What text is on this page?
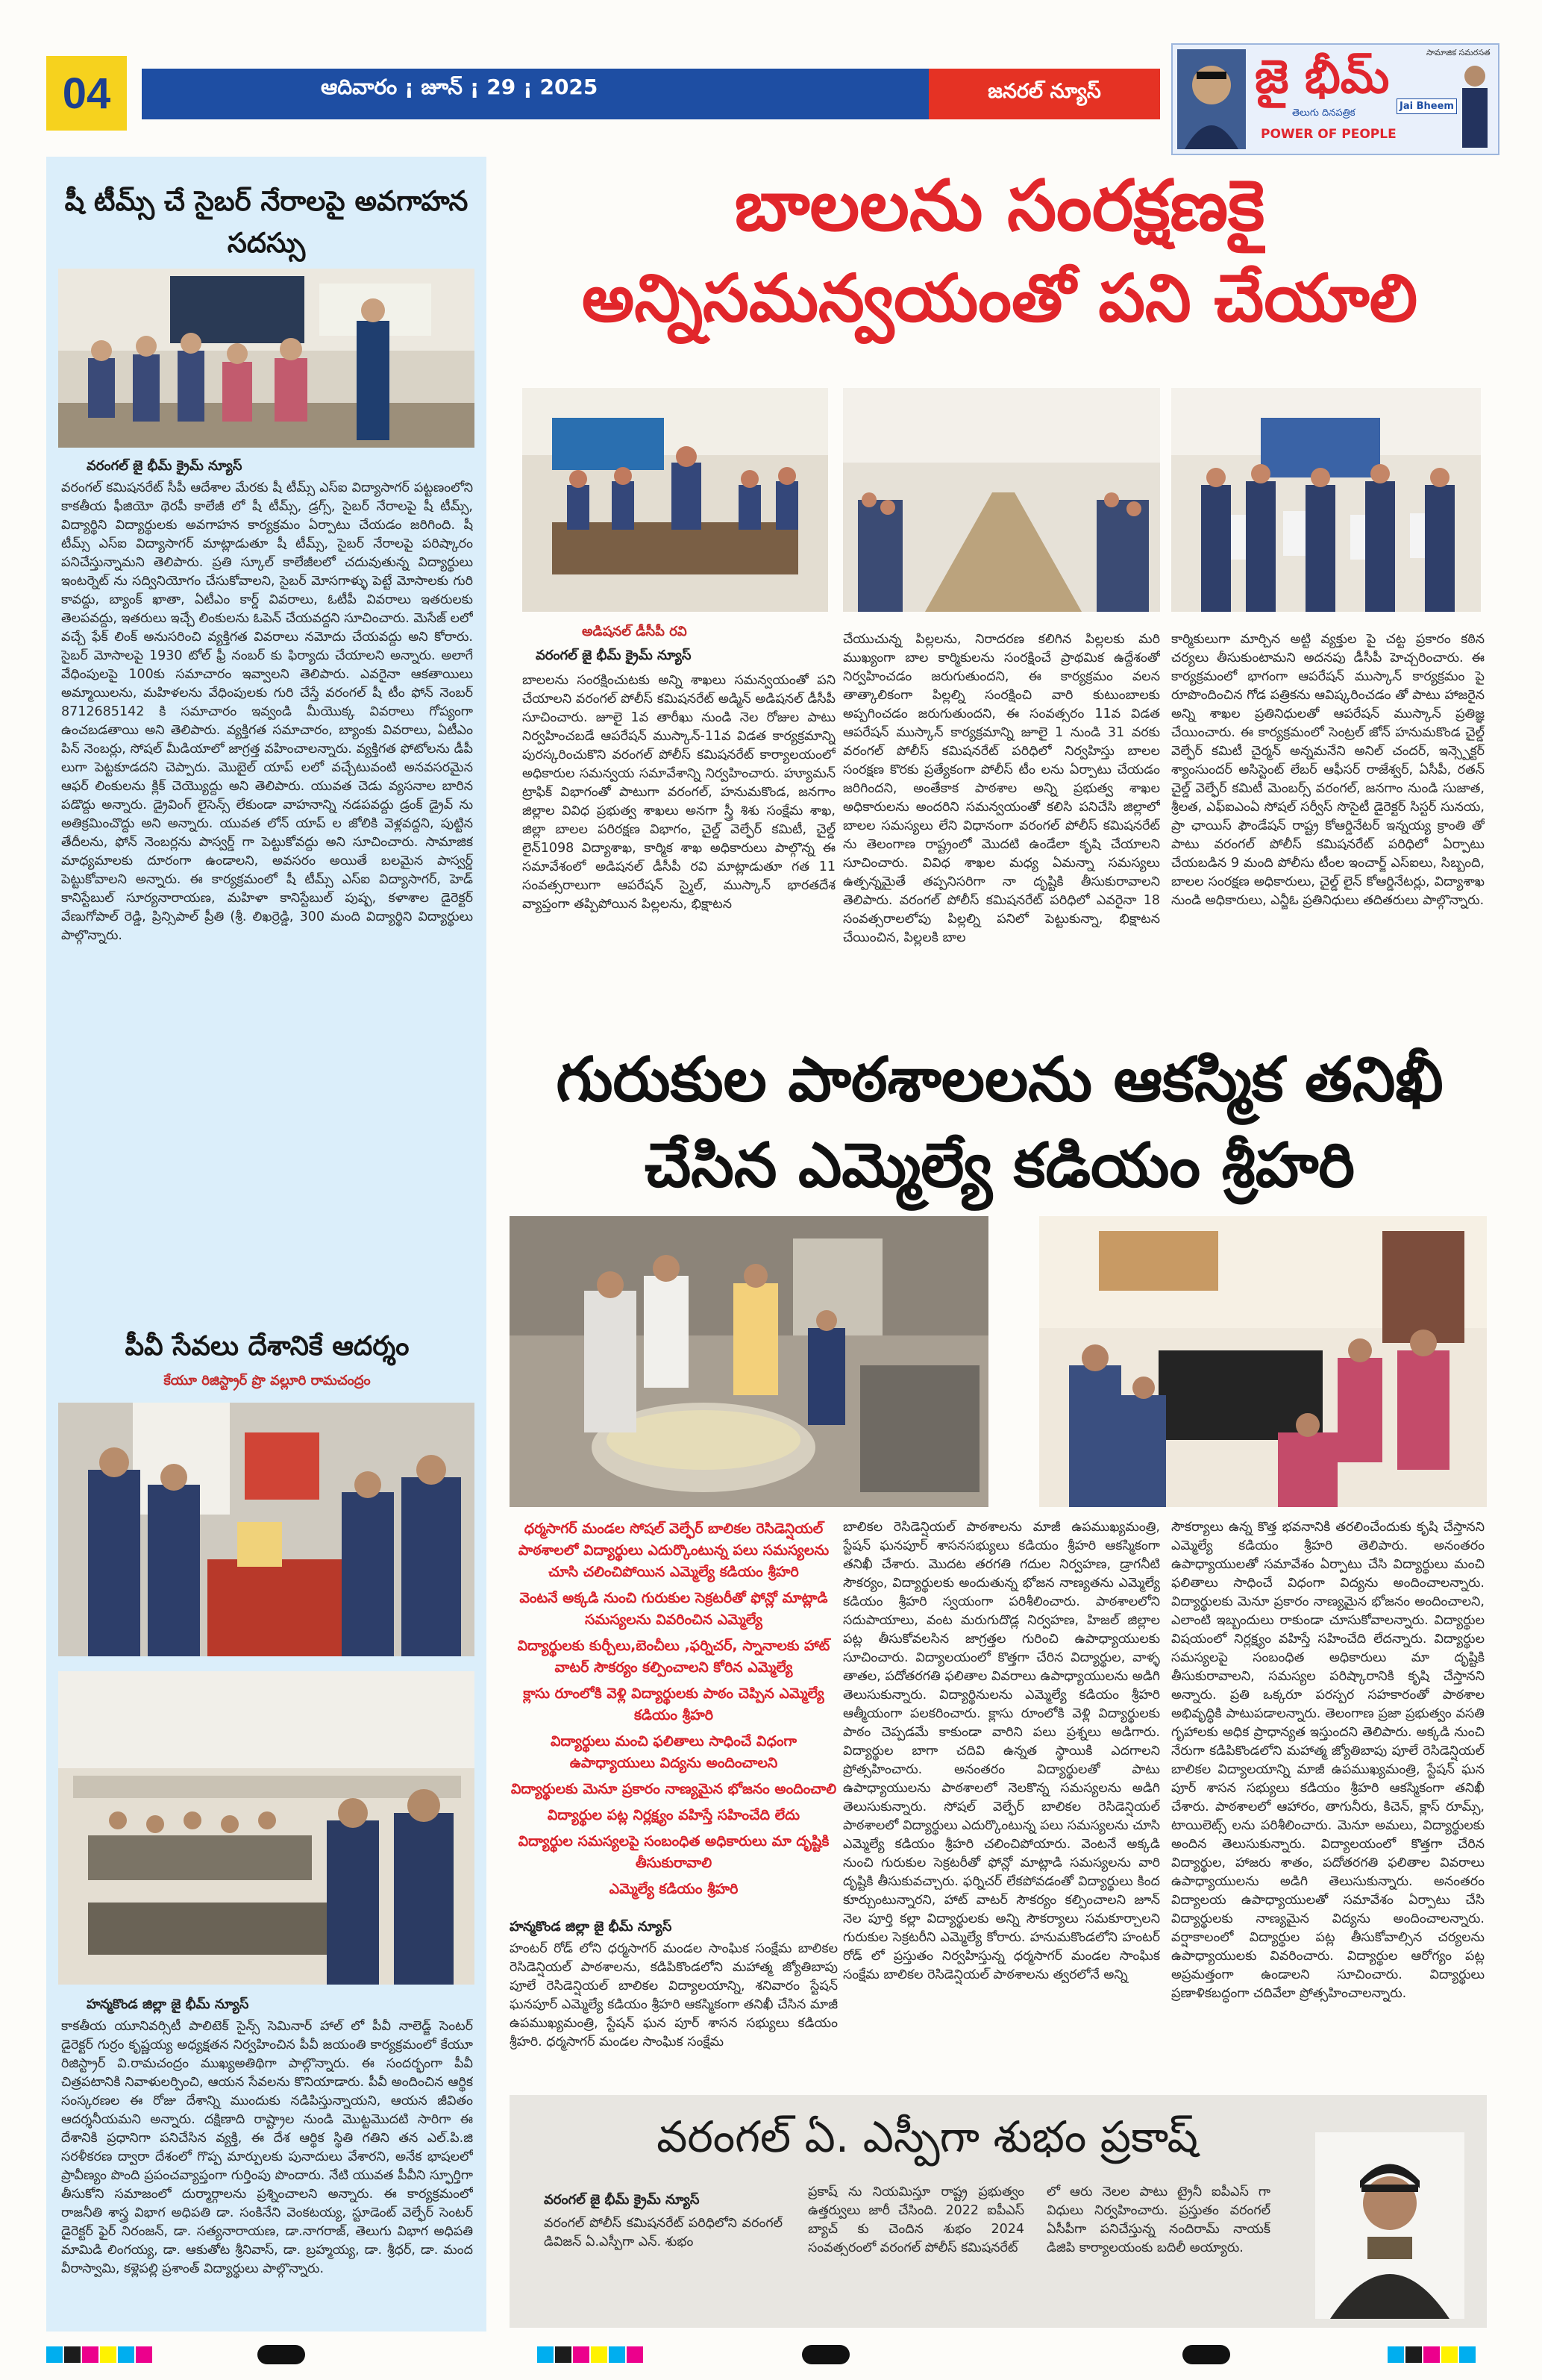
04	ఆదివారం ¡ జూన్ ¡ 29 ¡ 2025	జనరల్ న్యూస్	జై భీమ్
తెలుగు దినపత్రిక
POWER OF PEOPLE
సామాజిక సమరసత
Jai Bheem
షీ టీమ్స్ చే సైబర్ నేరాలపై అవగాహన సదస్సు
వరంగల్ జై భీమ్ క్రైమ్ న్యూస్
వరంగల్ కమిషనరేట్ సీపీ ఆదేశాల మేరకు షీ టీమ్స్ ఎస్ఐ విద్యాసాగర్ పట్టణంలోని కాకతీయ ఫీజియో థెరపీ కాలేజీ లో షీ టీమ్స్, డ్రగ్స్, సైబర్ నేరాలపై షీ టీమ్స్, విద్యార్థిని విద్యార్థులకు అవగాహన కార్యక్రమం ఏర్పాటు చేయడం జరిగింది. షీ టీమ్స్ ఎస్ఐ విద్యాసాగర్ మాట్లాడుతూ షీ టీమ్స్, సైబర్ నేరాలపై పరిష్కారం పనిచేస్తున్నామని తెలిపారు. ప్రతి స్కూల్ కాలేజీలలో చదువుతున్న విద్యార్థులు ఇంటర్నెట్ ను సద్వినియోగం చేసుకోవాలని, సైబర్ మోసగాళ్ళు పెట్టే మోసాలకు గురి కావద్దు, బ్యాంక్ ఖాతా, ఏటీఎం కార్డ్ వివరాలు, ఓటీపీ వివరాలు ఇతరులకు తెలపవద్దు, ఇతరులు ఇచ్చే లింకులను ఓపెన్ చేయవద్దని సూచించారు. మెసేజ్ లలో వచ్చే ఫేక్ లింక్ అనుసరించి వ్యక్తిగత వివరాలు నమోదు చేయవద్దు అని కోరారు. సైబర్ మోసాలపై 1930 టోల్ ఫ్రీ నంబర్ కు ఫిర్యాదు చేయాలని అన్నారు. అలాగే వేధింపులపై 100కు సమాచారం ఇవ్వాలని తెలిపారు. ఎవరైనా ఆకతాయిలు అమ్మాయిలను, మహిళలను వేధింపులకు గురి చేస్తే వరంగల్ షీ టీం ఫోన్ నెంబర్ 8712685142 కి సమాచారం ఇవ్వండి మీయొక్క వివరాలు గోప్యంగా ఉంచబడతాయి అని తెలిపారు. వ్యక్తిగత సమాచారం, బ్యాంకు వివరాలు, ఏటీఎం పిన్ నెంబర్లు, సోషల్ మీడియాలో జాగ్రత్త వహించాలన్నారు. వ్యక్తిగత ఫోటోలను డీపీ లుగా పెట్టకూడదని చెప్పారు. మొబైల్ యాప్ లలో వచ్చేటువంటి అనవసరమైన ఆఫర్ లింకులను క్లిక్ చెయ్యొద్దు అని తెలిపారు. యువత చెడు వ్యసనాల బారిన పడొద్దు అన్నారు. డ్రైవింగ్ లైసెన్స్ లేకుండా వాహనాన్ని నడపవద్దు డ్రంక్ డ్రైవ్ ను అతిక్రమించొద్దు అని అన్నారు. యువత లోన్ యాప్ ల జోలికి వెళ్లవద్దని, పుట్టిన తేదీలను, ఫోన్ నెంబర్లను పాస్వర్డ్ గా పెట్టుకోవద్దు అని సూచించారు. సామాజిక మాధ్యమాలకు దూరంగా ఉండాలని, అవసరం అయితే బలమైన పాస్వర్డ్ పెట్టుకోవాలని అన్నారు. ఈ కార్యక్రమంలో షీ టీమ్స్ ఎస్ఐ విద్యాసాగర్, హెడ్ కానిస్టేబుల్ సూర్యనారాయణ, మహిళా కానిస్టేబుల్ పుష్ప, కళాశాల డైరెక్టర్ వేణుగోపాల్ రెడ్డి, ప్రిన్సిపాల్ ప్రీతి (శ్రీ. లిఖర్రెడ్డి, 300 మంది విద్యార్థిని విద్యార్థులు పాల్గొన్నారు.
పీవీ సేవలు దేశానికే ఆదర్శం
కేయూ రిజిస్ట్రార్ ప్రొ వల్లూరి రామచంద్రం
హన్మకొండ జిల్లా జై భీమ్ న్యూస్
కాకతీయ యూనివర్సిటీ పాలిటెక్ సైన్స్ సెమినార్ హాల్ లో పీవీ నాలెడ్జ్ సెంటర్ డైరెక్టర్ గుర్రం కృష్ణయ్య అధ్యక్షతన నిర్వహించిన పీవీ జయంతి కార్యక్రమంలో కేయూ రిజిస్ట్రార్ వి.రామచంద్రం ముఖ్యఅతిథిగా పాల్గొన్నారు. ఈ సందర్భంగా పీవీ చిత్రపటానికి నివాళులర్పించి, ఆయన సేవలను కొనియాడారు. పీవీ అందించిన ఆర్థిక సంస్కరణల ఈ రోజు దేశాన్ని ముందుకు నడిపిస్తున్నాయని, ఆయన జీవితం ఆదర్శనీయమని అన్నారు. దక్షిణాది రాష్ట్రాల నుండి మొట్టమొదటి సారిగా ఈ దేశానికి ప్రధానిగా పనిచేసిన వ్యక్తి, ఈ దేశ ఆర్థిక స్థితి గతిని తన ఎల్.పి.జి సరళీకరణ ద్వారా దేశంలో గొప్ప మార్పులకు పునాదులు వేశారని, అనేక భాషలలో ప్రావీణ్యం పొంది ప్రపంచవ్యాప్తంగా గుర్తింపు పొందారు. నేటి యువత పీవీని స్ఫూర్తిగా తీసుకోని సమాజంలో దుర్మార్గాలను ప్రశ్నించాలని అన్నారు. ఈ కార్యక్రమంలో రాజనీతి శాస్త్ర విభాగ అధిపతి డా. సంకినేని వెంకటయ్య, స్టూడెంట్ వెల్ఫేర్ సెంటర్ డైరెక్టర్ ఫైర్ నిరంజన్, డా. సత్యనారాయణ, డా.నాగరాజ్, తెలుగు విభాగ అధిపతి మామిడి లింగయ్య, డా. ఆకుతోట శ్రీనివాస్, డా. బ్రహ్మయ్య, డా. శ్రీధర్, డా. మంద వీరాస్వామి, కళ్లెపల్లి ప్రశాంత్ విద్యార్థులు పాల్గొన్నారు.
బాలలను సంరక్షణకై
అన్నిసమన్వయంతో పని చేయాలి
అడిషనల్ డీసీపీ రవి
వరంగల్ జై భీమ్ క్రైమ్ న్యూస్
బాలలను సంరక్షించుటకు అన్ని శాఖలు సమన్వయంతో పని చేయాలని వరంగల్ పోలీస్ కమిషనరేట్ అడ్మిన్ అడిషనల్ డీసీపీ సూచించారు. జూలై 1వ తారీఖు నుండి నెల రోజుల పాటు నిర్వహించబడే ఆపరేషన్ ముస్కాన్-11వ విడత కార్యక్రమాన్ని పురస్కరించుకొని వరంగల్ పోలీస్ కమిషనరేట్ కార్యాలయంలో అధికారుల సమన్వయ సమావేశాన్ని నిర్వహించారు. హ్యూమన్ ట్రాఫిక్ విభాగంతో పాటుగా వరంగల్, హనుమకొండ, జనగాం జిల్లాల వివిధ ప్రభుత్వ శాఖలు అనగా స్త్రీ శిశు సంక్షేమ శాఖ, జిల్లా బాలల పరిరక్షణ విభాగం, చైల్డ్ వెల్ఫేర్ కమిటీ, చైల్డ్ లైన్1098 విద్యాశాఖ, కార్మిక శాఖ అధికారులు పాల్గొన్న ఈ సమావేశంలో అడిషనల్ డీసీపీ రవి మాట్లాడుతూ గత 11 సంవత్సరాలుగా ఆపరేషన్ స్మైల్, ముస్కాన్ భారతదేశ వ్యాప్తంగా తప్పిపోయిన పిల్లలను, భిక్షాటన
చేయుచున్న పిల్లలను, నిరాదరణ కలిగిన పిల్లలకు మరి ముఖ్యంగా బాల కార్మికులను సంరక్షించే ప్రాథమిక ఉద్దేశంతో నిర్వహించడం జరుగుతుందని, ఈ కార్యక్రమం వలన తాత్కాలికంగా పిల్లల్ని సంరక్షించి వారి కుటుంబాలకు అప్పగించడం జరుగుతుందని, ఈ సంవత్సరం 11వ విడత ఆపరేషన్ ముస్కాన్ కార్యక్రమాన్ని జూలై 1 నుండి 31 వరకు వరంగల్ పోలీస్ కమిషనరేట్ పరిధిలో నిర్వహిస్తు బాలల సంరక్షణ కొరకు ప్రత్యేకంగా పోలీస్ టీం లను ఏర్పాటు చేయడం జరిగిందని, అంతేకాక పాఠశాల అన్ని ప్రభుత్వ శాఖల అధికారులను అందరిని సమన్వయంతో కలిసి పనిచేసి జిల్లాలో బాలల సమస్యలు లేని విధానంగా వరంగల్ పోలీస్ కమిషనరేట్ ను తెలంగాణ రాష్ట్రంలో మొదటి ఉండేలా కృషి చేయాలని సూచించారు. వివిధ శాఖల మధ్య ఏమన్నా సమస్యలు ఉత్పన్నమైతే తప్పనిసరిగా నా దృష్టికి తీసుకురావాలని తెలిపారు. వరంగల్ పోలీస్ కమిషనరేట్ పరిధిలో ఎవరైనా 18 సంవత్సరాలలోపు పిల్లల్ని పనిలో పెట్టుకున్నా, భిక్షాటన చేయించిన, పిల్లలకి బాల
కార్మికులుగా మార్చిన అట్టి వ్యక్తుల పై చట్ట ప్రకారం కఠిన చర్యలు తీసుకుంటామని అదనపు డీసీపీ హెచ్చరించారు. ఈ కార్యక్రమంలో భాగంగా ఆపరేషన్ ముస్కాన్ కార్యక్రమం పై రూపొందించిన గోడ పత్రికను ఆవిష్కరించడం తో పాటు హాజరైన అన్ని శాఖల ప్రతినిధులతో ఆపరేషన్ ముస్కాన్ ప్రతిజ్ఞ చేయించారు. ఈ కార్యక్రమంలో సెంట్రల్ జోన్ హనుమకొండ చైల్డ్ వెల్ఫేర్ కమిటీ చైర్మన్ అన్నమనేని అనిల్ చందర్, ఇన్స్పెక్టర్ శ్యాంసుందర్ అసిస్టెంట్ లేబర్ ఆఫీసర్ రాజేశ్వర్, ఏసీపీ, రతన్ చైల్డ్ వెల్ఫేర్ కమిటీ మెంబర్స్ వరంగల్, జనగాం నుండి సుజాత, శ్రీలత, ఎఫ్ఐఎంఏ సోషల్ సర్వీస్ సొసైటీ డైరెక్టర్ సిస్టర్ సునయ, ప్రా ఛాయిస్ ఫౌండేషన్ రాష్ట్ర కోఆర్డినేటర్ ఇన్నయ్య క్రాంతి తో పాటు వరంగల్ పోలీస్ కమిషనరేట్ పరిధిలో ఏర్పాటు చేయబడిన 9 మంది పోలీసు టీంల ఇంచార్జ్ ఎస్ఐలు, సిబ్బంది, బాలల సంరక్షణ అధికారులు, చైల్డ్ లైన్ కోఆర్డినేటర్లు, విద్యాశాఖ నుండి అధికారులు, ఎన్జీఓ ప్రతినిధులు తదితరులు పాల్గొన్నారు.
గురుకుల పాఠశాలలను ఆకస్మిక తనిఖీ
చేసిన ఎమ్మెల్యే కడియం శ్రీహరి
ధర్మసాగర్ మండల సోషల్ వెల్ఫేర్ బాలికల రెసిడెన్షియల్ పాఠశాలలో విద్యార్థులు ఎదుర్కొంటున్న పలు సమస్యలను చూసి చలించిపోయిన ఎమ్మెల్యే కడియం శ్రీహరి
వెంటనే అక్కడి నుంచి గురుకుల సెక్రటరీతో ఫోన్లో మాట్లాడి సమస్యలను వివరించిన ఎమ్మెల్యే
విద్యార్థులకు కుర్చీలు,బెంచీలు ,ఫర్నిచర్, స్నానాలకు హాట్ వాటర్ సౌకర్యం కల్పించాలని కోరిన ఎమ్మెల్యే
క్లాసు రూంలోకి వెళ్లి విద్యార్థులకు పాఠం చెప్పిన ఎమ్మెల్యే కడియం శ్రీహరి
విద్యార్థులు మంచి ఫలితాలు సాధించే విధంగా ఉపాధ్యాయులు విద్యను అందించాలని
విద్యార్థులకు మెనూ ప్రకారం నాణ్యమైన భోజనం అందించాలి
విద్యార్థుల పట్ల నిర్లక్ష్యం వహిస్తే సహించేది లేదు
విద్యార్థుల సమస్యలపై సంబంధిత అధికారులు మా దృష్టికి తీసుకురావాలి
ఎమ్మెల్యే కడియం శ్రీహరి
హన్మకొండ జిల్లా జై భీమ్ న్యూస్
హంటర్ రోడ్ లోని ధర్మసాగర్ మండల సాంఘిక సంక్షేమ బాలికల రెసిడెన్షియల్ పాఠశాలను, కడిపికొండలోని మహాత్మ జ్యోతిబాపు పూలే రెసిడెన్షియల్ బాలికల విద్యాలయాన్ని, శనివారం స్టేషన్ ఘనపూర్ ఎమ్మెల్యే కడియం శ్రీహరి ఆకస్మికంగా తనిఖీ చేసిన మాజీ ఉపముఖ్యమంత్రి, స్టేషన్ ఘన పూర్ శాసన సభ్యులు కడియం శ్రీహరి. ధర్మసాగర్ మండల సాంఘిక సంక్షేమ
బాలికల రెసిడెన్షియల్ పాఠశాలను మాజీ ఉపముఖ్యమంత్రి, స్టేషన్ ఘనపూర్ శాసనసభ్యులు కడియం శ్రీహరి ఆకస్మికంగా తనిఖీ చేశారు. మొదట తరగతి గదుల నిర్వహణ, డ్రాగనీటి సౌకర్యం, విద్యార్థులకు అందుతున్న భోజన నాణ్యతను ఎమ్మెల్యే కడియం శ్రీహరి స్వయంగా పరిశీలించారు. పాఠశాలలోని సదుపాయాలు, వంట మరుగుదొడ్ల నిర్వహణ, హిజల్ జిల్లాల పట్ల తీసుకోవలసిన జాగ్రత్తల గురించి ఉపాధ్యాయులకు సూచించారు. విద్యాలయంలో కొత్తగా చేరిన విద్యార్థుల, వాళ్ళ తాతల, పదోతరగతి ఫలితాల వివరాలు ఉపాధ్యాయులను అడిగి తెలుసుకున్నారు. విద్యార్థినులను ఎమ్మెల్యే కడియం శ్రీహరి ఆత్మీయంగా పలకరించారు. క్లాసు రూంలోకి వెళ్లి విద్యార్థులకు పాఠం చెప్పడమే కాకుండా వారిని పలు ప్రశ్నలు అడిగారు. విద్యార్థుల బాగా చదివి ఉన్నత స్థాయికి ఎదగాలని ప్రోత్సహించారు. అనంతరం విద్యార్థులతో పాటు ఉపాధ్యాయులను పాఠశాలలో నెలకొన్న సమస్యలను అడిగి తెలుసుకున్నారు. సోషల్ వెల్ఫేర్ బాలికల రెసిడెన్షియల్ పాఠశాలలో విద్యార్థులు ఎదుర్కొంటున్న పలు సమస్యలను చూసి ఎమ్మెల్యే కడియం శ్రీహరి చలించిపోయారు. వెంటనే అక్కడి నుంచి గురుకుల సెక్రటరీతో ఫోన్లో మాట్లాడి సమస్యలను వారి దృష్టికి తీసుకువచ్చారు. ఫర్నిచర్ లేకపోవడంతో విద్యార్థులు కింద కూర్చుంటున్నారని, హాట్ వాటర్ సౌకర్యం కల్పించాలని జూన్ నెల పూర్తి కల్లా విద్యార్థులకు అన్ని సౌకర్యాలు సమకూర్చాలని గురుకుల సెక్రటరీని ఎమ్మెల్యే కోరారు. హనుమకొండలోని హంటర్ రోడ్ లో ప్రస్తుతం నిర్వహిస్తున్న ధర్మసాగర్ మండల సాంఘిక సంక్షేమ బాలికల రెసిడెన్షియల్ పాఠశాలను త్వరలోనే అన్ని
సౌకర్యాలు ఉన్న కొత్త భవనానికి తరలించేందుకు కృషి చేస్తానని ఎమ్మెల్యే కడియం శ్రీహరి తెలిపారు. అనంతరం ఉపాధ్యాయులతో సమావేశం ఏర్పాటు చేసి విద్యార్థులు మంచి ఫలితాలు సాధించే విధంగా విద్యను అందించాలన్నారు. విద్యార్థులకు మెనూ ప్రకారం నాణ్యమైన భోజనం అందించాలని, ఎలాంటి ఇబ్బందులు రాకుండా చూసుకోవాలన్నారు. విద్యార్థుల విషయంలో నిర్లక్ష్యం వహిస్తే సహించేది లేదన్నారు. విద్యార్థుల సమస్యలపై సంబంధిత అధికారులు మా దృష్టికి తీసుకురావాలని, సమస్యల పరిష్కారానికి కృషి చేస్తానని అన్నారు. ప్రతి ఒక్కరూ పరస్పర సహకారంతో పాఠశాల అభివృద్ధికి పాటుపడాలన్నారు. తెలంగాణ ప్రజా ప్రభుత్వం వసతి గృహాలకు అధిక ప్రాధాన్యత ఇస్తుందని తెలిపారు. అక్కడి నుంచి నేరుగా కడిపికొండలోని మహాత్మ జ్యోతిబాపు పూలే రెసిడెన్షియల్ బాలికల విద్యాలయాన్ని మాజీ ఉపముఖ్యమంత్రి, స్టేషన్ ఘన పూర్ శాసన సభ్యులు కడియం శ్రీహరి ఆకస్మికంగా తనిఖీ చేశారు. పాఠశాలలో ఆహారం, తాగునీరు, కిచెన్, క్లాస్ రూమ్స్, టాయిలెట్స్ లను పరిశీలించారు. మెనూ అమలు, విద్యార్థులకు అందిన తెలుసుకున్నారు. విద్యాలయంలో కొత్తగా చేరిన విద్యార్థుల, హాజరు శాతం, పదోతరగతి ఫలితాల వివరాలు ఉపాధ్యాయులను అడిగి తెలుసుకున్నారు. అనంతరం విద్యాలయ ఉపాధ్యాయులతో సమావేశం ఏర్పాటు చేసి విద్యార్థులకు నాణ్యమైన విద్యను అందించాలన్నారు. వర్షాకాలంలో విద్యార్థుల పట్ల తీసుకోవాల్సిన చర్యలను ఉపాధ్యాయులకు వివరించారు. విద్యార్థుల ఆరోగ్యం పట్ల అప్రమత్తంగా ఉండాలని సూచించారు. విద్యార్థులు ప్రణాళికబద్ధంగా చదివేలా ప్రోత్సహించాలన్నారు.
వరంగల్ ఏ. ఎస్పీగా శుభం ప్రకాష్
వరంగల్ జై భీమ్ క్రైమ్ న్యూస్
వరంగల్ పోలీస్ కమిషనరేట్ పరిధిలోని వరంగల్ డివిజన్ ఏ.ఎస్పీగా ఎన్. శుభం
ప్రకాష్ ను నియమిస్తూ రాష్ట్ర ప్రభుత్వం ఉత్తర్వులు జారీ చేసింది. 2022 ఐపీఎస్ బ్యాచ్ కు చెందిన శుభం 2024 సంవత్సరంలో వరంగల్ పోలీస్ కమిషనరేట్
లో ఆరు నెలల పాటు ట్రైనీ ఐపీఎస్ గా విధులు నిర్వహించారు. ప్రస్తుతం వరంగల్ ఏసీపీగా పనిచేస్తున్న నందిరామ్ నాయక్ డిజిపి కార్యాలయంకు బదిలీ అయ్యారు.
